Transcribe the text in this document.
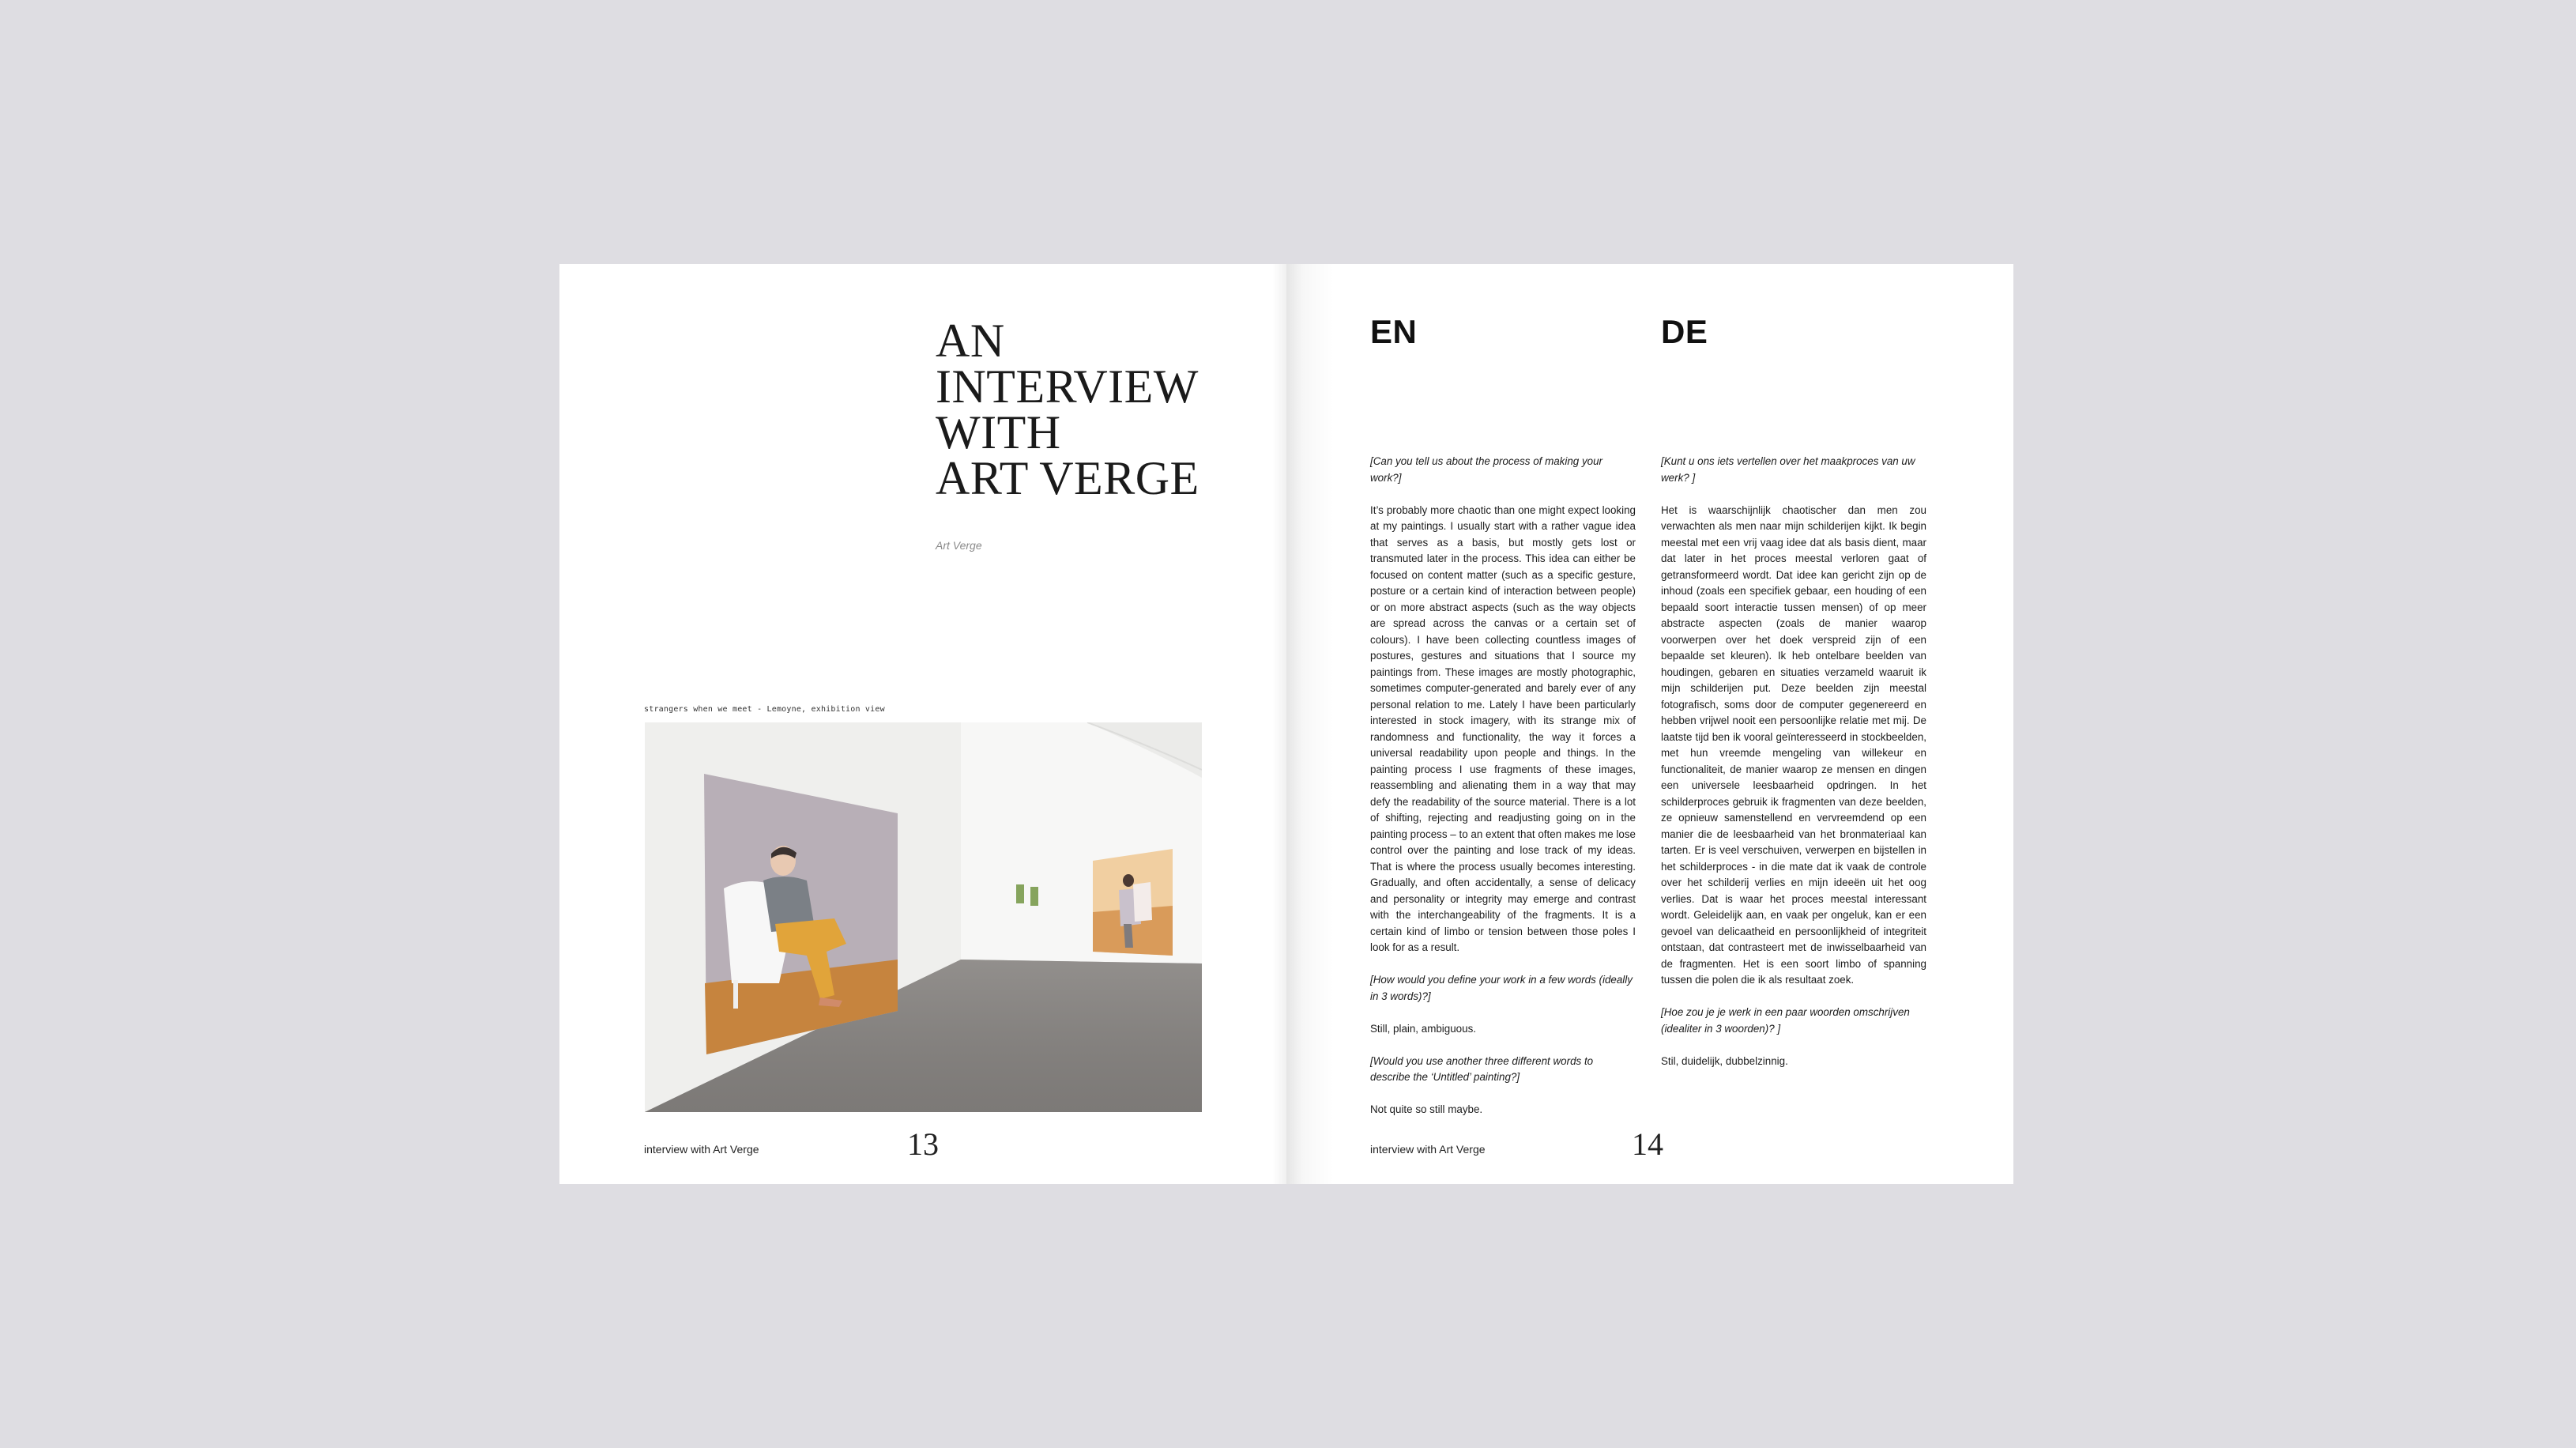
AN
INTERVIEW
WITH
ART VERGE
Art Verge
strangers when we meet - Lemoyne, exhibition view
interview with Art Verge	13
EN	DE

[Can you tell us about the process of making your work?]

It’s probably more chaotic than one might expect looking at my paintings. I usually start with a rather vague idea that serves as a basis, but mostly gets lost or transmuted later in the process. This idea can either be focused on content matter (such as a specific gesture, posture or a certain kind of interaction between people) or on more abstract aspects (such as the way objects are spread across the canvas or a certain set of colours). I have been collecting countless images of postures, gestures and situations that I source my paintings from. These images are mostly photographic, sometimes computer-generated and barely ever of any personal relation to me. Lately I have been particularly interested in stock imagery, with its strange mix of randomness and functionality, the way it forces a universal readability upon people and things. In the painting process I use fragments of these images, reassembling and alienating them in a way that may defy the readability of the source material. There is a lot of shifting, rejecting and readjusting going on in the painting process – to an extent that often makes me lose control over the painting and lose track of my ideas. That is where the process usually becomes interesting. Gradually, and often accidentally, a sense of delicacy and personality or integrity may emerge and contrast with the interchangeability of the fragments. It is a certain kind of limbo or tension between those poles I look for as a result.

[How would you define your work in a few words (ideally in 3 words)?]

Still, plain, ambiguous.

[Would you use another three different words to describe the ‘Untitled’ painting?]

Not quite so still maybe.

[Kunt u ons iets vertellen over het maakproces van uw werk? ]

Het is waarschijnlijk chaotischer dan men zou verwachten als men naar mijn schilderijen kijkt. Ik begin meestal met een vrij vaag idee dat als basis dient, maar dat later in het proces meestal verloren gaat of getransformeerd wordt. Dat idee kan gericht zijn op de inhoud (zoals een specifiek gebaar, een houding of een bepaald soort interactie tussen mensen) of op meer abstracte aspecten (zoals de manier waarop voorwerpen over het doek verspreid zijn of een bepaalde set kleuren). Ik heb ontelbare beelden van houdingen, gebaren en situaties verzameld waaruit ik mijn schilderijen put. Deze beelden zijn meestal fotografisch, soms door de computer gegenereerd en hebben vrijwel nooit een persoonlijke relatie met mij. De laatste tijd ben ik vooral geïnteresseerd in stockbeelden, met hun vreemde mengeling van willekeur en functionaliteit, de manier waarop ze mensen en dingen een universele leesbaarheid opdringen. In het schilderproces gebruik ik fragmenten van deze beelden, ze opnieuw samenstellend en vervreemdend op een manier die de leesbaarheid van het bronmateriaal kan tarten. Er is veel verschuiven, verwerpen en bijstellen in het schilderproces - in die mate dat ik vaak de controle over het schilderij verlies en mijn ideeën uit het oog verlies. Dat is waar het proces meestal interessant wordt. Geleidelijk aan, en vaak per ongeluk, kan er een gevoel van delicaatheid en persoonlijkheid of integriteit ontstaan, dat contrasteert met de inwisselbaarheid van de fragmenten. Het is een soort limbo of spanning tussen die polen die ik als resultaat zoek.

[Hoe zou je je werk in een paar woorden omschrijven (idealiter in 3 woorden)? ]

Stil, duidelijk, dubbelzinnig.

interview with Art Verge	14
